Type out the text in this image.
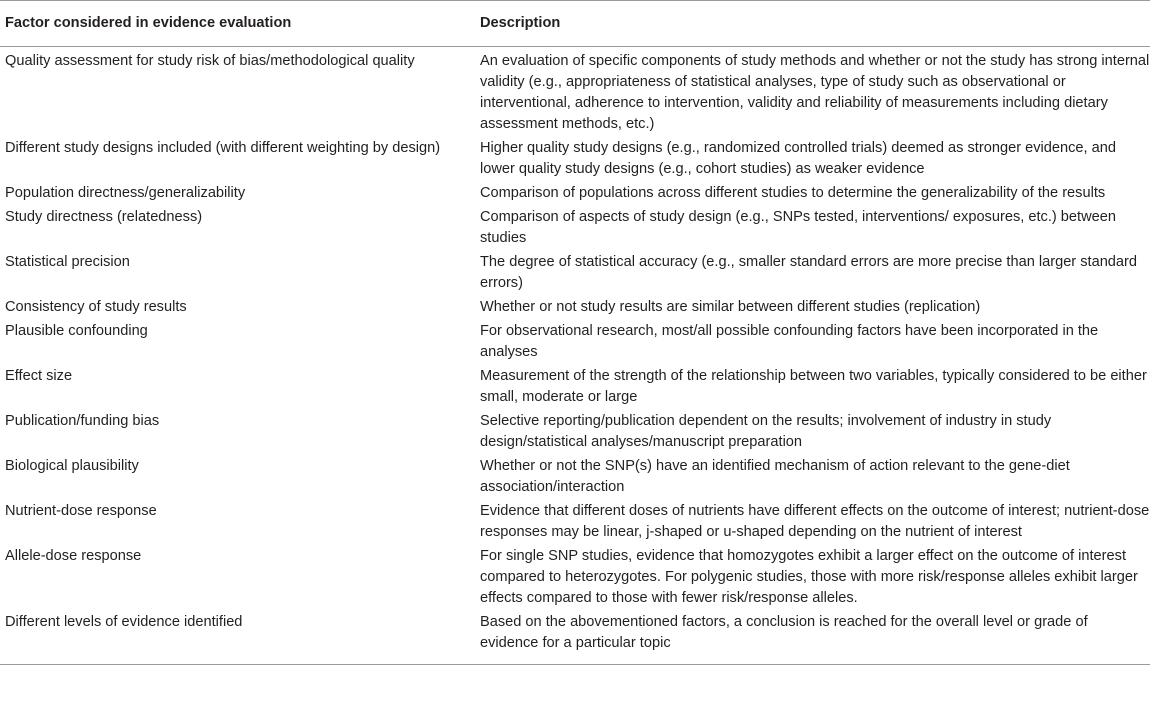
Factor considered in evidence evaluation	Description
Quality assessment for study risk of bias/methodological quality	An evaluation of specific components of study methods and whether or not the study has strong internal validity (e.g., appropriateness of statistical analyses, type of study such as observational or interventional, adherence to intervention, validity and reliability of measurements including dietary assessment methods, etc.)
Different study designs included (with different weighting by design)	Higher quality study designs (e.g., randomized controlled trials) deemed as stronger evidence, and lower quality study designs (e.g., cohort studies) as weaker evidence
Population directness/generalizability	Comparison of populations across different studies to determine the generalizability of the results
Study directness (relatedness)	Comparison of aspects of study design (e.g., SNPs tested, interventions/ exposures, etc.) between studies
Statistical precision	The degree of statistical accuracy (e.g., smaller standard errors are more precise than larger standard errors)
Consistency of study results	Whether or not study results are similar between different studies (replication)
Plausible confounding	For observational research, most/all possible confounding factors have been incorporated in the analyses
Effect size	Measurement of the strength of the relationship between two variables, typically considered to be either small, moderate or large
Publication/funding bias	Selective reporting/publication dependent on the results; involvement of industry in study design/statistical analyses/manuscript preparation
Biological plausibility	Whether or not the SNP(s) have an identified mechanism of action relevant to the gene-diet association/interaction
Nutrient-dose response	Evidence that different doses of nutrients have different effects on the outcome of interest; nutrient-dose responses may be linear, j-shaped or u-shaped depending on the nutrient of interest
Allele-dose response	For single SNP studies, evidence that homozygotes exhibit a larger effect on the outcome of interest compared to heterozygotes. For polygenic studies, those with more risk/response alleles exhibit larger effects compared to those with fewer risk/response alleles.
Different levels of evidence identified	Based on the abovementioned factors, a conclusion is reached for the overall level or grade of evidence for a particular topic
